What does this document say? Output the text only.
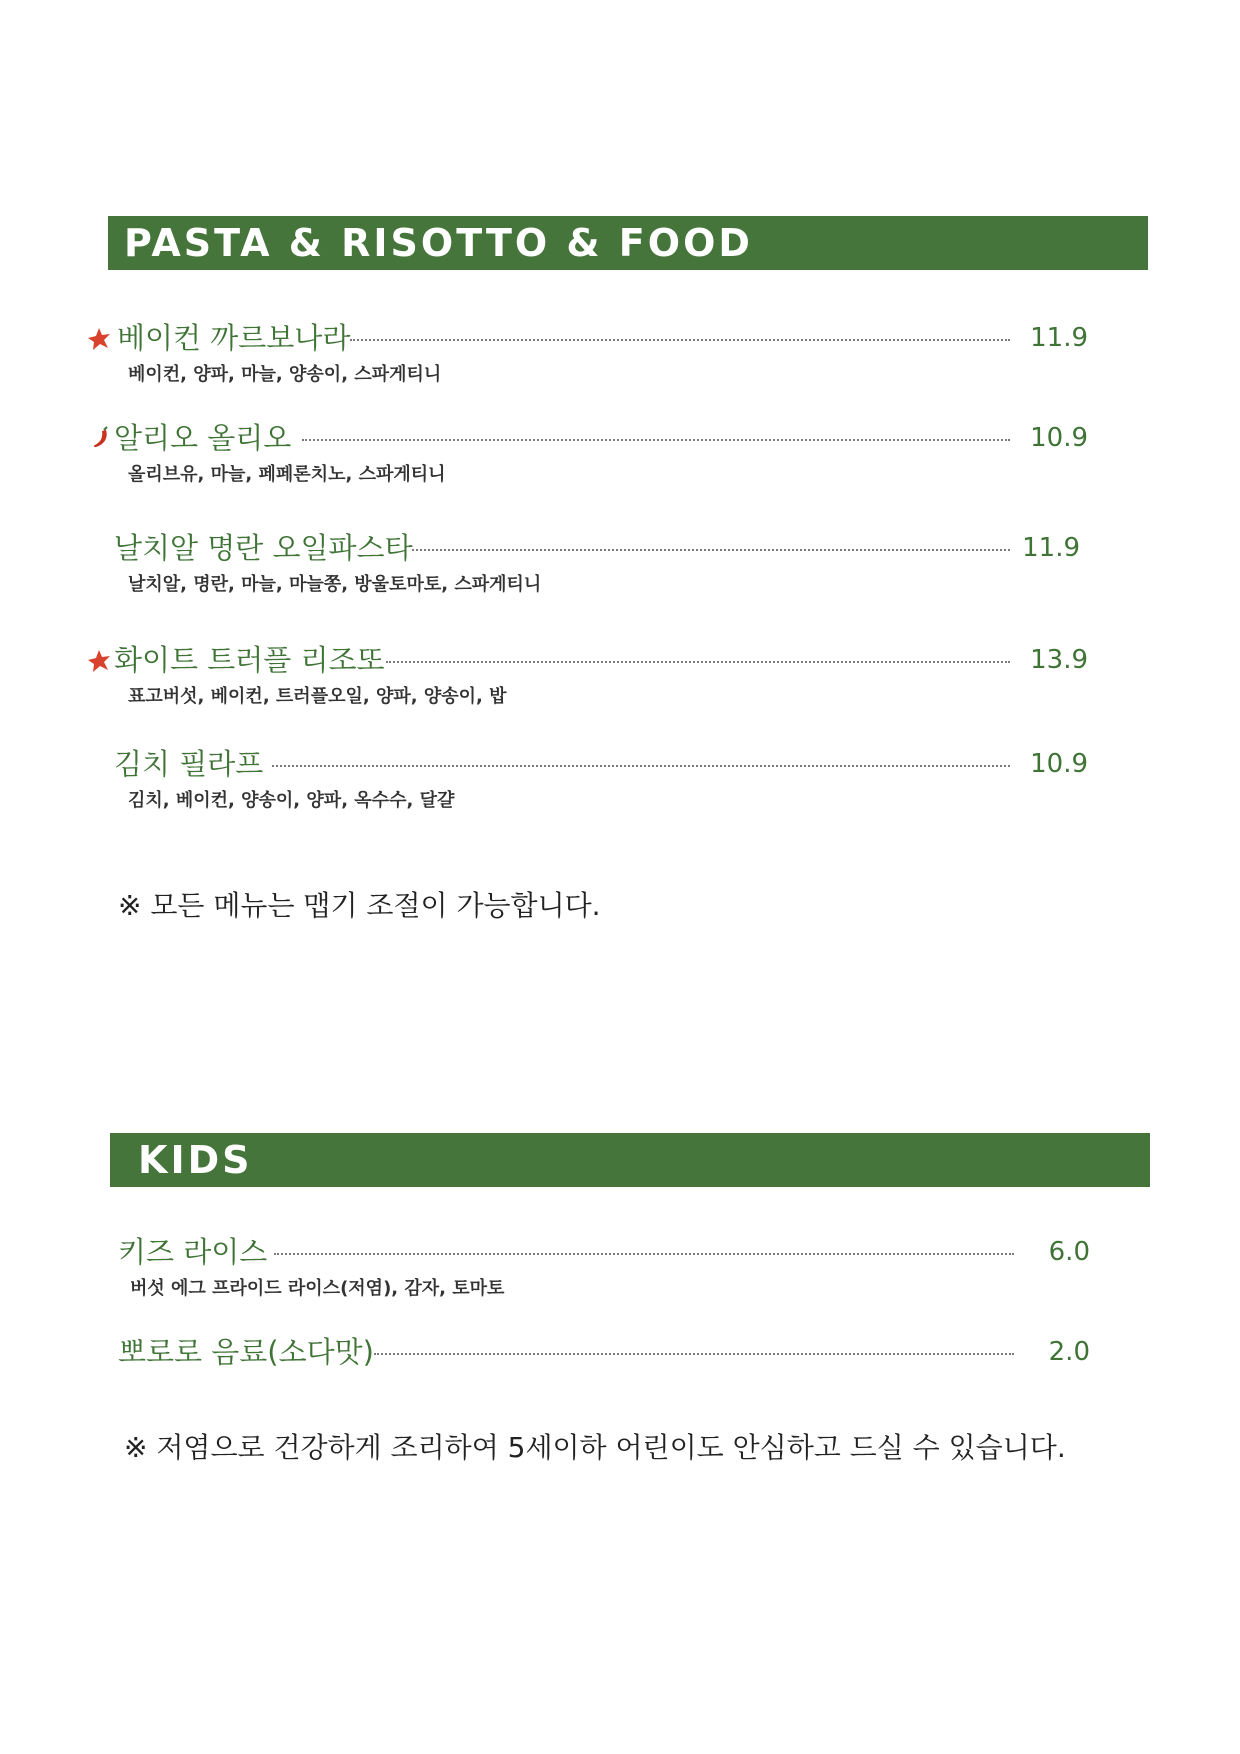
PASTA & RISOTTO & FOOD
베이컨 까르보나라	11.9
베이컨, 양파, 마늘, 양송이, 스파게티니
알리오 올리오	10.9
올리브유, 마늘, 페페론치노, 스파게티니
날치알 명란 오일파스타	11.9
날치알, 명란, 마늘, 마늘쫑, 방울토마토, 스파게티니
화이트 트러플 리조또	13.9
표고버섯, 베이컨, 트러플오일, 양파, 양송이, 밥
김치 필라프	10.9
김치, 베이컨, 양송이, 양파, 옥수수, 달걀
※ 모든 메뉴는 맵기 조절이 가능합니다.
KIDS
키즈 라이스	6.0
버섯 에그 프라이드 라이스(저염), 감자, 토마토
뽀로로 음료(소다맛)	2.0
※ 저염으로 건강하게 조리하여 5세이하 어린이도 안심하고 드실 수 있습니다.
